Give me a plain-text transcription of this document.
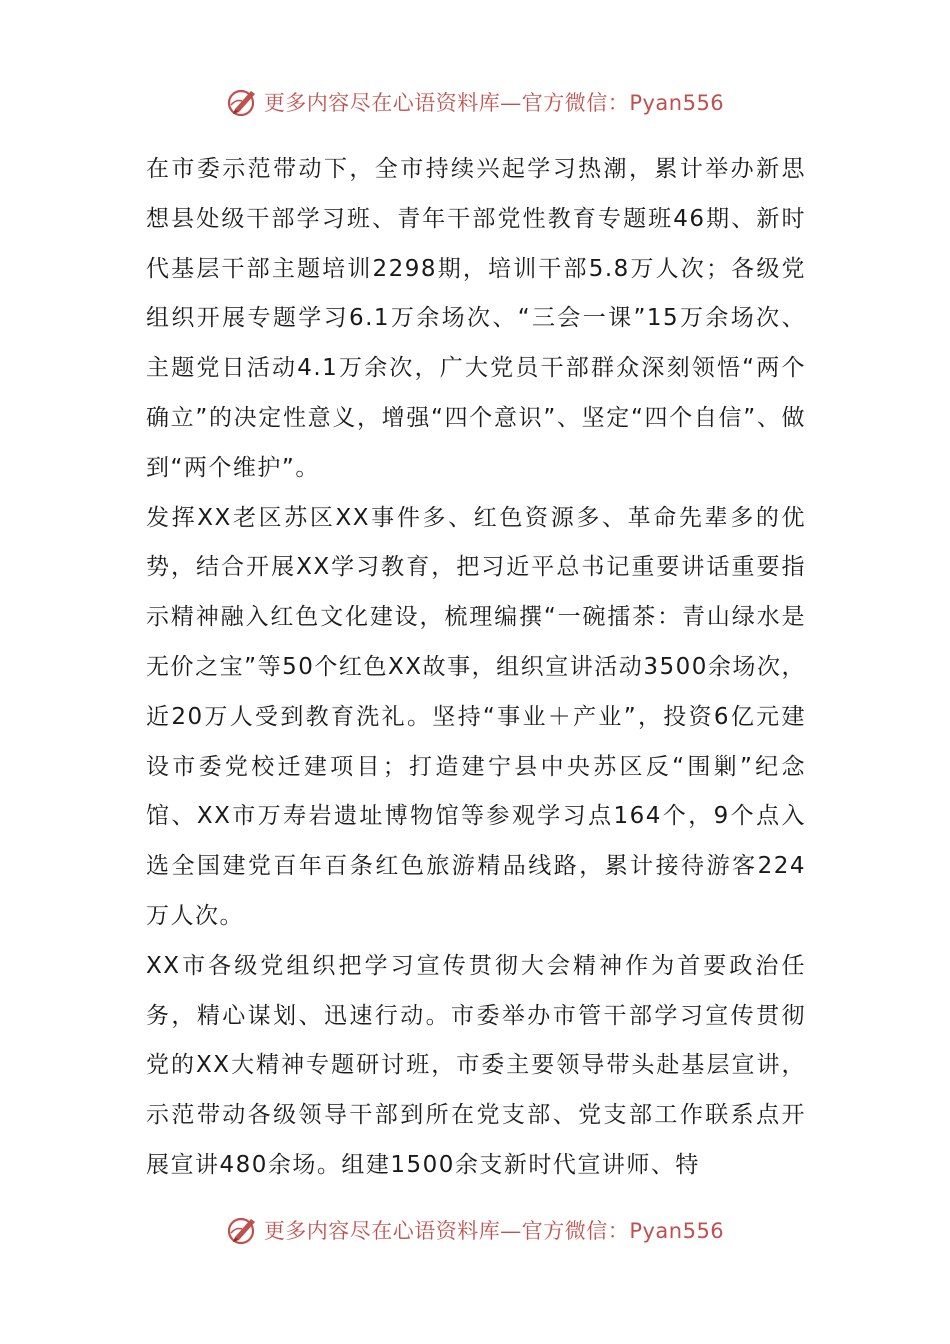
更多内容尽在心语资料库—官方微信：Pyan556

在市委示范带动下，全市持续兴起学习热潮，累计举办新思想县处级干部学习班、青年干部党性教育专题班46期、新时代基层干部主题培训2298期，培训干部5.8万人次；各级党组织开展专题学习6.1万余场次、“三会一课”15万余场次、主题党日活动4.1万余次，广大党员干部群众深刻领悟“两个确立”的决定性意义，增强“四个意识”、坚定“四个自信”、做到“两个维护”。

发挥XX老区苏区XX事件多、红色资源多、革命先辈多的优势，结合开展XX学习教育，把习近平总书记重要讲话重要指示精神融入红色文化建设，梳理编撰“一碗擂茶：青山绿水是无价之宝”等50个红色XX故事，组织宣讲活动3500余场次，近20万人受到教育洗礼。坚持“事业＋产业”，投资6亿元建设市委党校迁建项目；打造建宁县中央苏区反“围剿”纪念馆、XX市万寿岩遗址博物馆等参观学习点164个，9个点入选全国建党百年百条红色旅游精品线路，累计接待游客224万人次。

XX市各级党组织把学习宣传贯彻大会精神作为首要政治任务，精心谋划、迅速行动。市委举办市管干部学习宣传贯彻党的XX大精神专题研讨班，市委主要领导带头赴基层宣讲，示范带动各级领导干部到所在党支部、党支部工作联系点开展宣讲480余场。组建1500余支新时代宣讲师、特

更多内容尽在心语资料库—官方微信：Pyan556
